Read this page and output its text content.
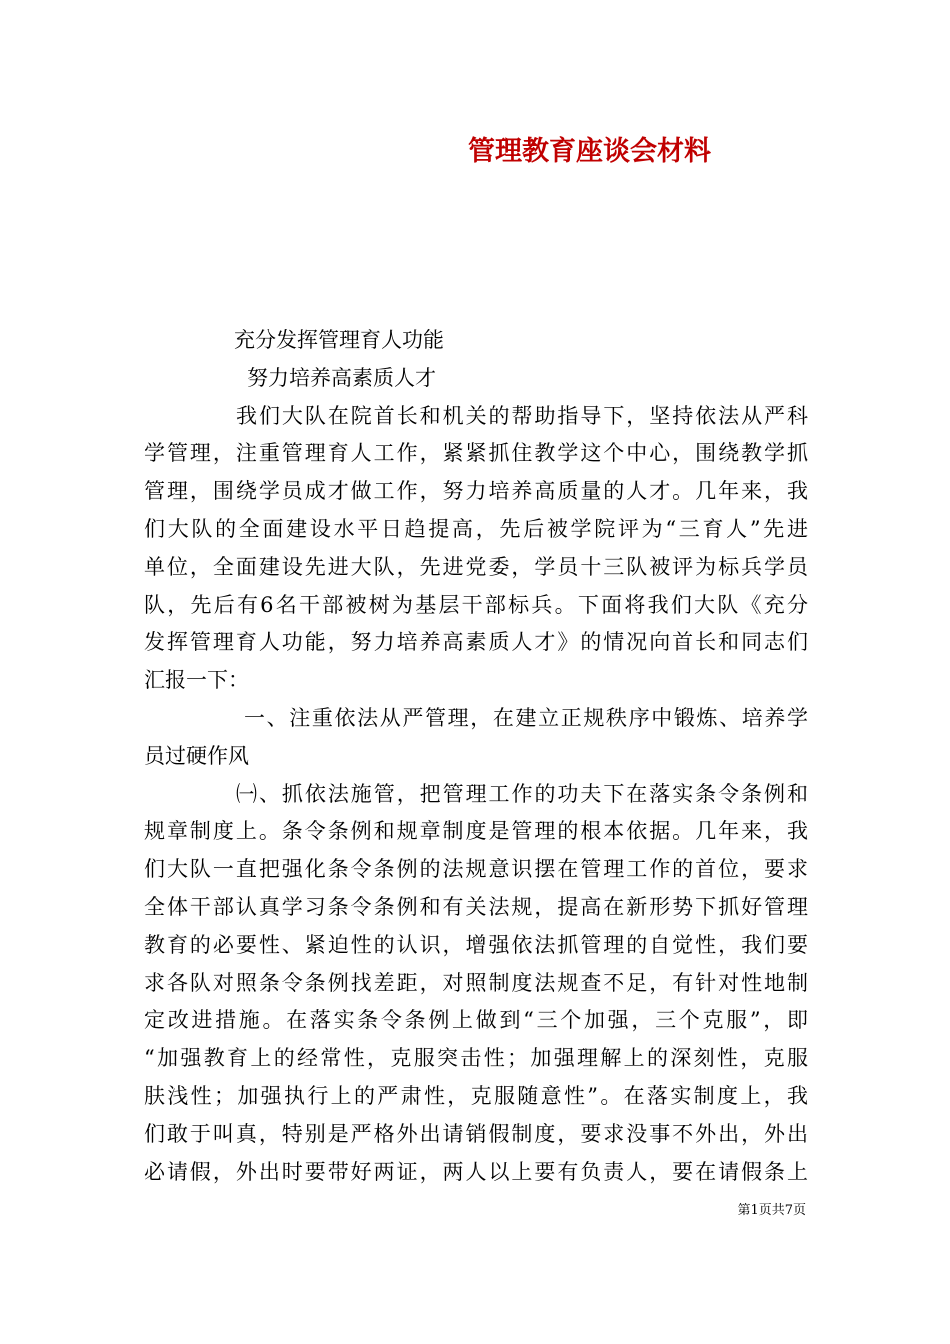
管理教育座谈会材料
充分发挥管理育人功能
努力培养高素质人才
我们大队在院首长和机关的帮助指导下，坚持依法从严科
学管理，注重管理育人工作，紧紧抓住教学这个中心，围绕教学抓
管理，围绕学员成才做工作，努力培养高质量的人才。几年来，我
们大队的全面建设水平日趋提高，先后被学院评为“三育人”先进
单位，全面建设先进大队，先进党委，学员十三队被评为标兵学员
队，先后有6名干部被树为基层干部标兵。下面将我们大队《充分
发挥管理育人功能，努力培养高素质人才》的情况向首长和同志们
汇报一下：
一、注重依法从严管理，在建立正规秩序中锻炼、培养学
员过硬作风
㈠、抓依法施管，把管理工作的功夫下在落实条令条例和
规章制度上。条令条例和规章制度是管理的根本依据。几年来，我
们大队一直把强化条令条例的法规意识摆在管理工作的首位，要求
全体干部认真学习条令条例和有关法规，提高在新形势下抓好管理
教育的必要性、紧迫性的认识，增强依法抓管理的自觉性，我们要
求各队对照条令条例找差距，对照制度法规查不足，有针对性地制
定改进措施。在落实条令条例上做到“三个加强，三个克服”，即
“加强教育上的经常性，克服突击性；加强理解上的深刻性，克服
肤浅性；加强执行上的严肃性，克服随意性”。在落实制度上，我
们敢于叫真，特别是严格外出请销假制度，要求没事不外出，外出
必请假，外出时要带好两证，两人以上要有负责人，要在请假条上
第1页共7页
